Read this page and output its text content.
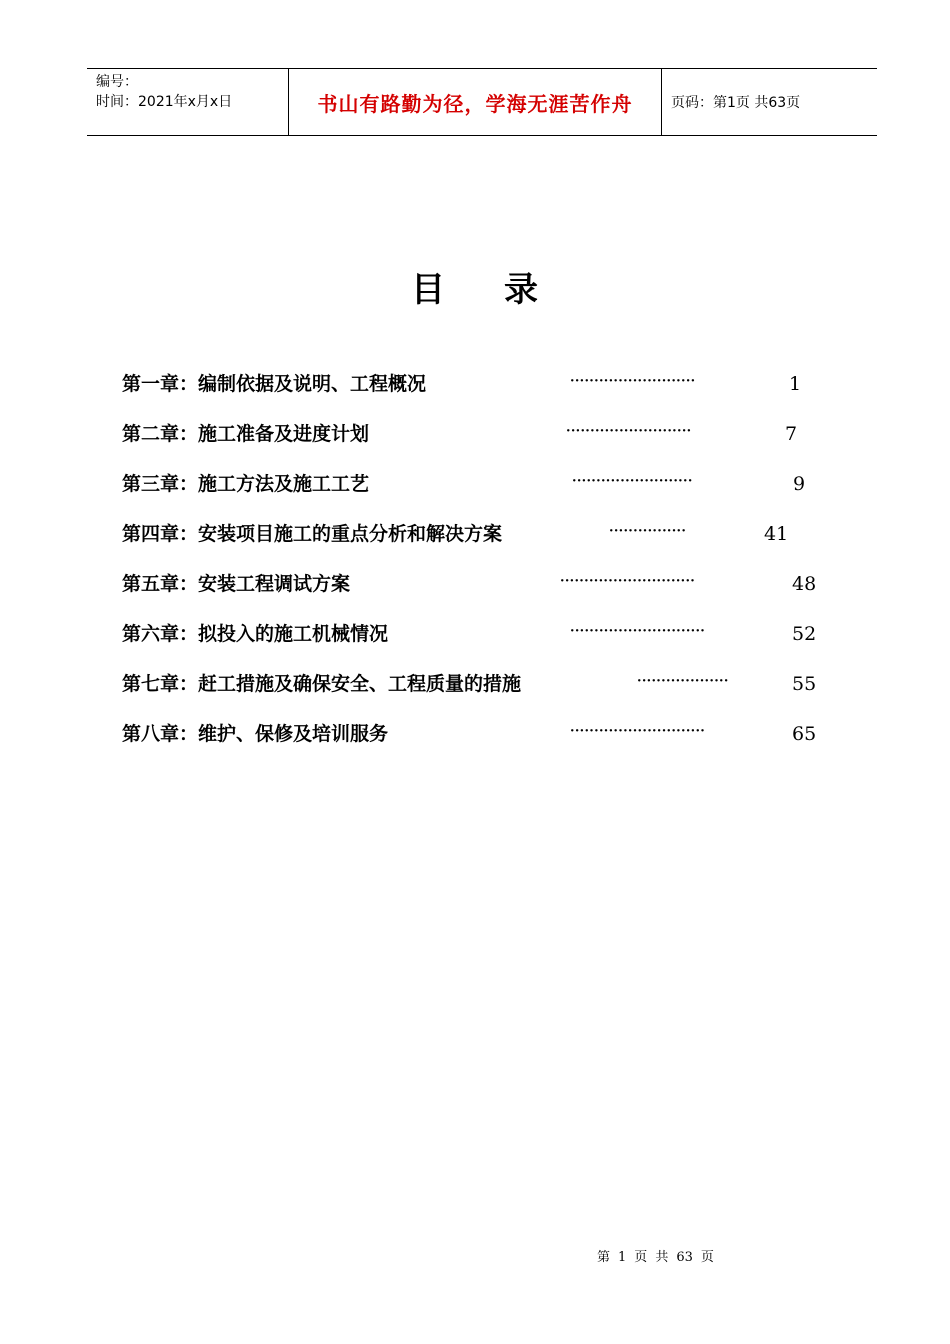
编号：
时间：2021年x月x日	书山有路勤为径，学海无涯苦作舟	页码：第1页 共63页
目 录
第一章：编制依据及说明、工程概况	··························	1
第二章：施工准备及进度计划	··························	7
第三章：施工方法及施工工艺	·························	9
第四章：安装项目施工的重点分析和解决方案	················	41
第五章：安装工程调试方案	····························	48
第六章：拟投入的施工机械情况	····························	52
第七章：赶工措施及确保安全、工程质量的措施	···················	55
第八章：维护、保修及培训服务	····························	65
第 1 页 共 63 页
